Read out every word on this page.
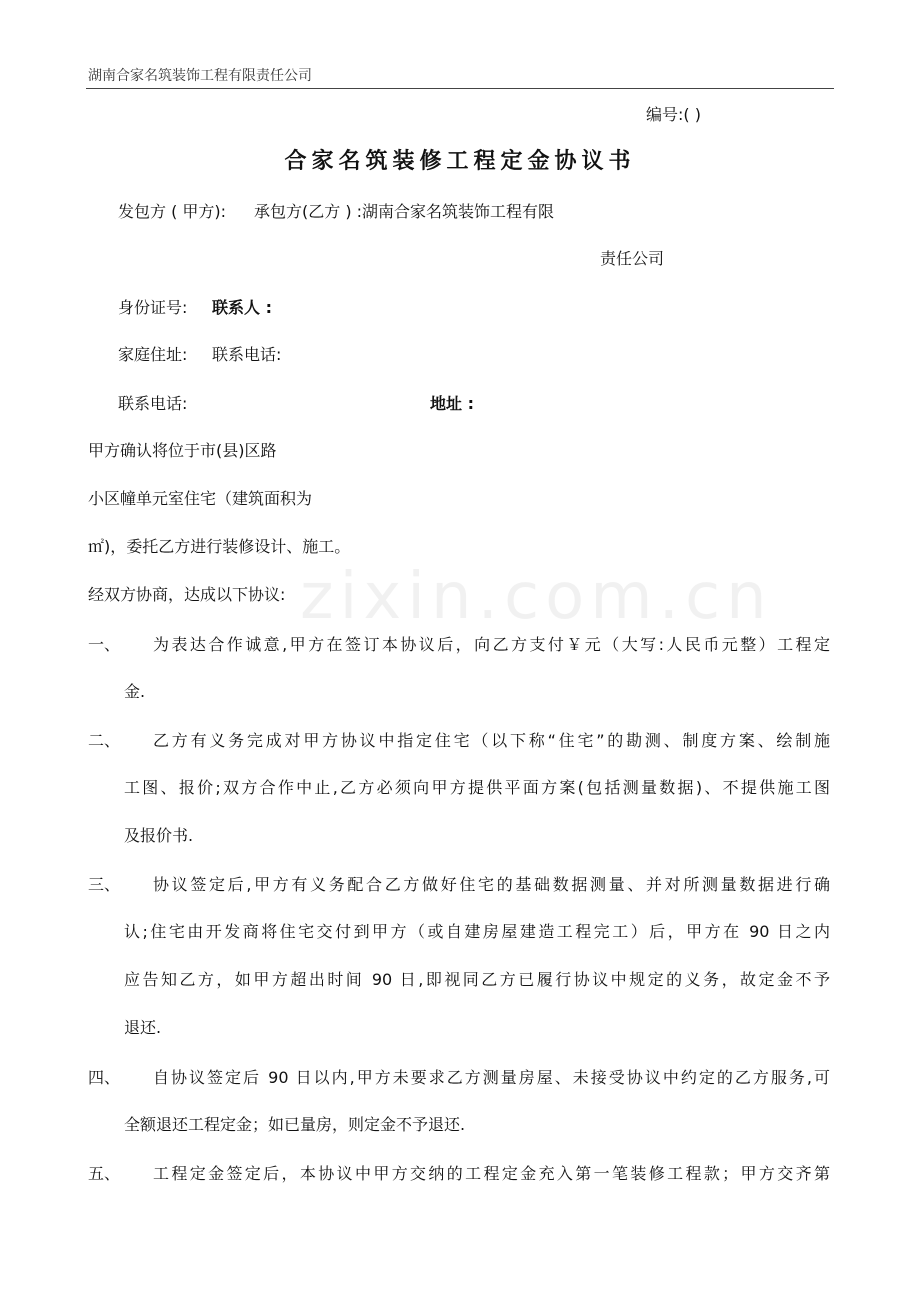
zixin.com.cn
湖南合家名筑装饰工程有限责任公司
编号:( )
合家名筑装修工程定金协议书
发包方 ( 甲方): 承包方(乙方 ) :湖南合家名筑装饰工程有限
责任公司
身份证号: 联系人 :
家庭住址: 联系电话:
联系电话:	地址 :
甲方确认将位于市(县)区路
小区幢单元室住宅（建筑面积为
㎡)，委托乙方进行装修设计、施工。
经双方协商，达成以下协议:
一、 为表达合作诚意,甲方在签订本协议后，向乙方支付￥元（大写:人民币元整）工程定
金.
二、 乙方有义务完成对甲方协议中指定住宅（以下称“住宅”的勘测、制度方案、绘制施
工图、报价;双方合作中止,乙方必须向甲方提供平面方案(包括测量数据)、不提供施工图
及报价书.
三、 协议签定后,甲方有义务配合乙方做好住宅的基础数据测量、并对所测量数据进行确
认;住宅由开发商将住宅交付到甲方（或自建房屋建造工程完工）后，甲方在 90 日之内
应告知乙方，如甲方超出时间 90 日,即视同乙方已履行协议中规定的义务，故定金不予
退还.
四、 自协议签定后 90 日以内,甲方未要求乙方测量房屋、未接受协议中约定的乙方服务,可
全额退还工程定金；如已量房，则定金不予退还.
五、 工程定金签定后，本协议中甲方交纳的工程定金充入第一笔装修工程款；甲方交齐第
